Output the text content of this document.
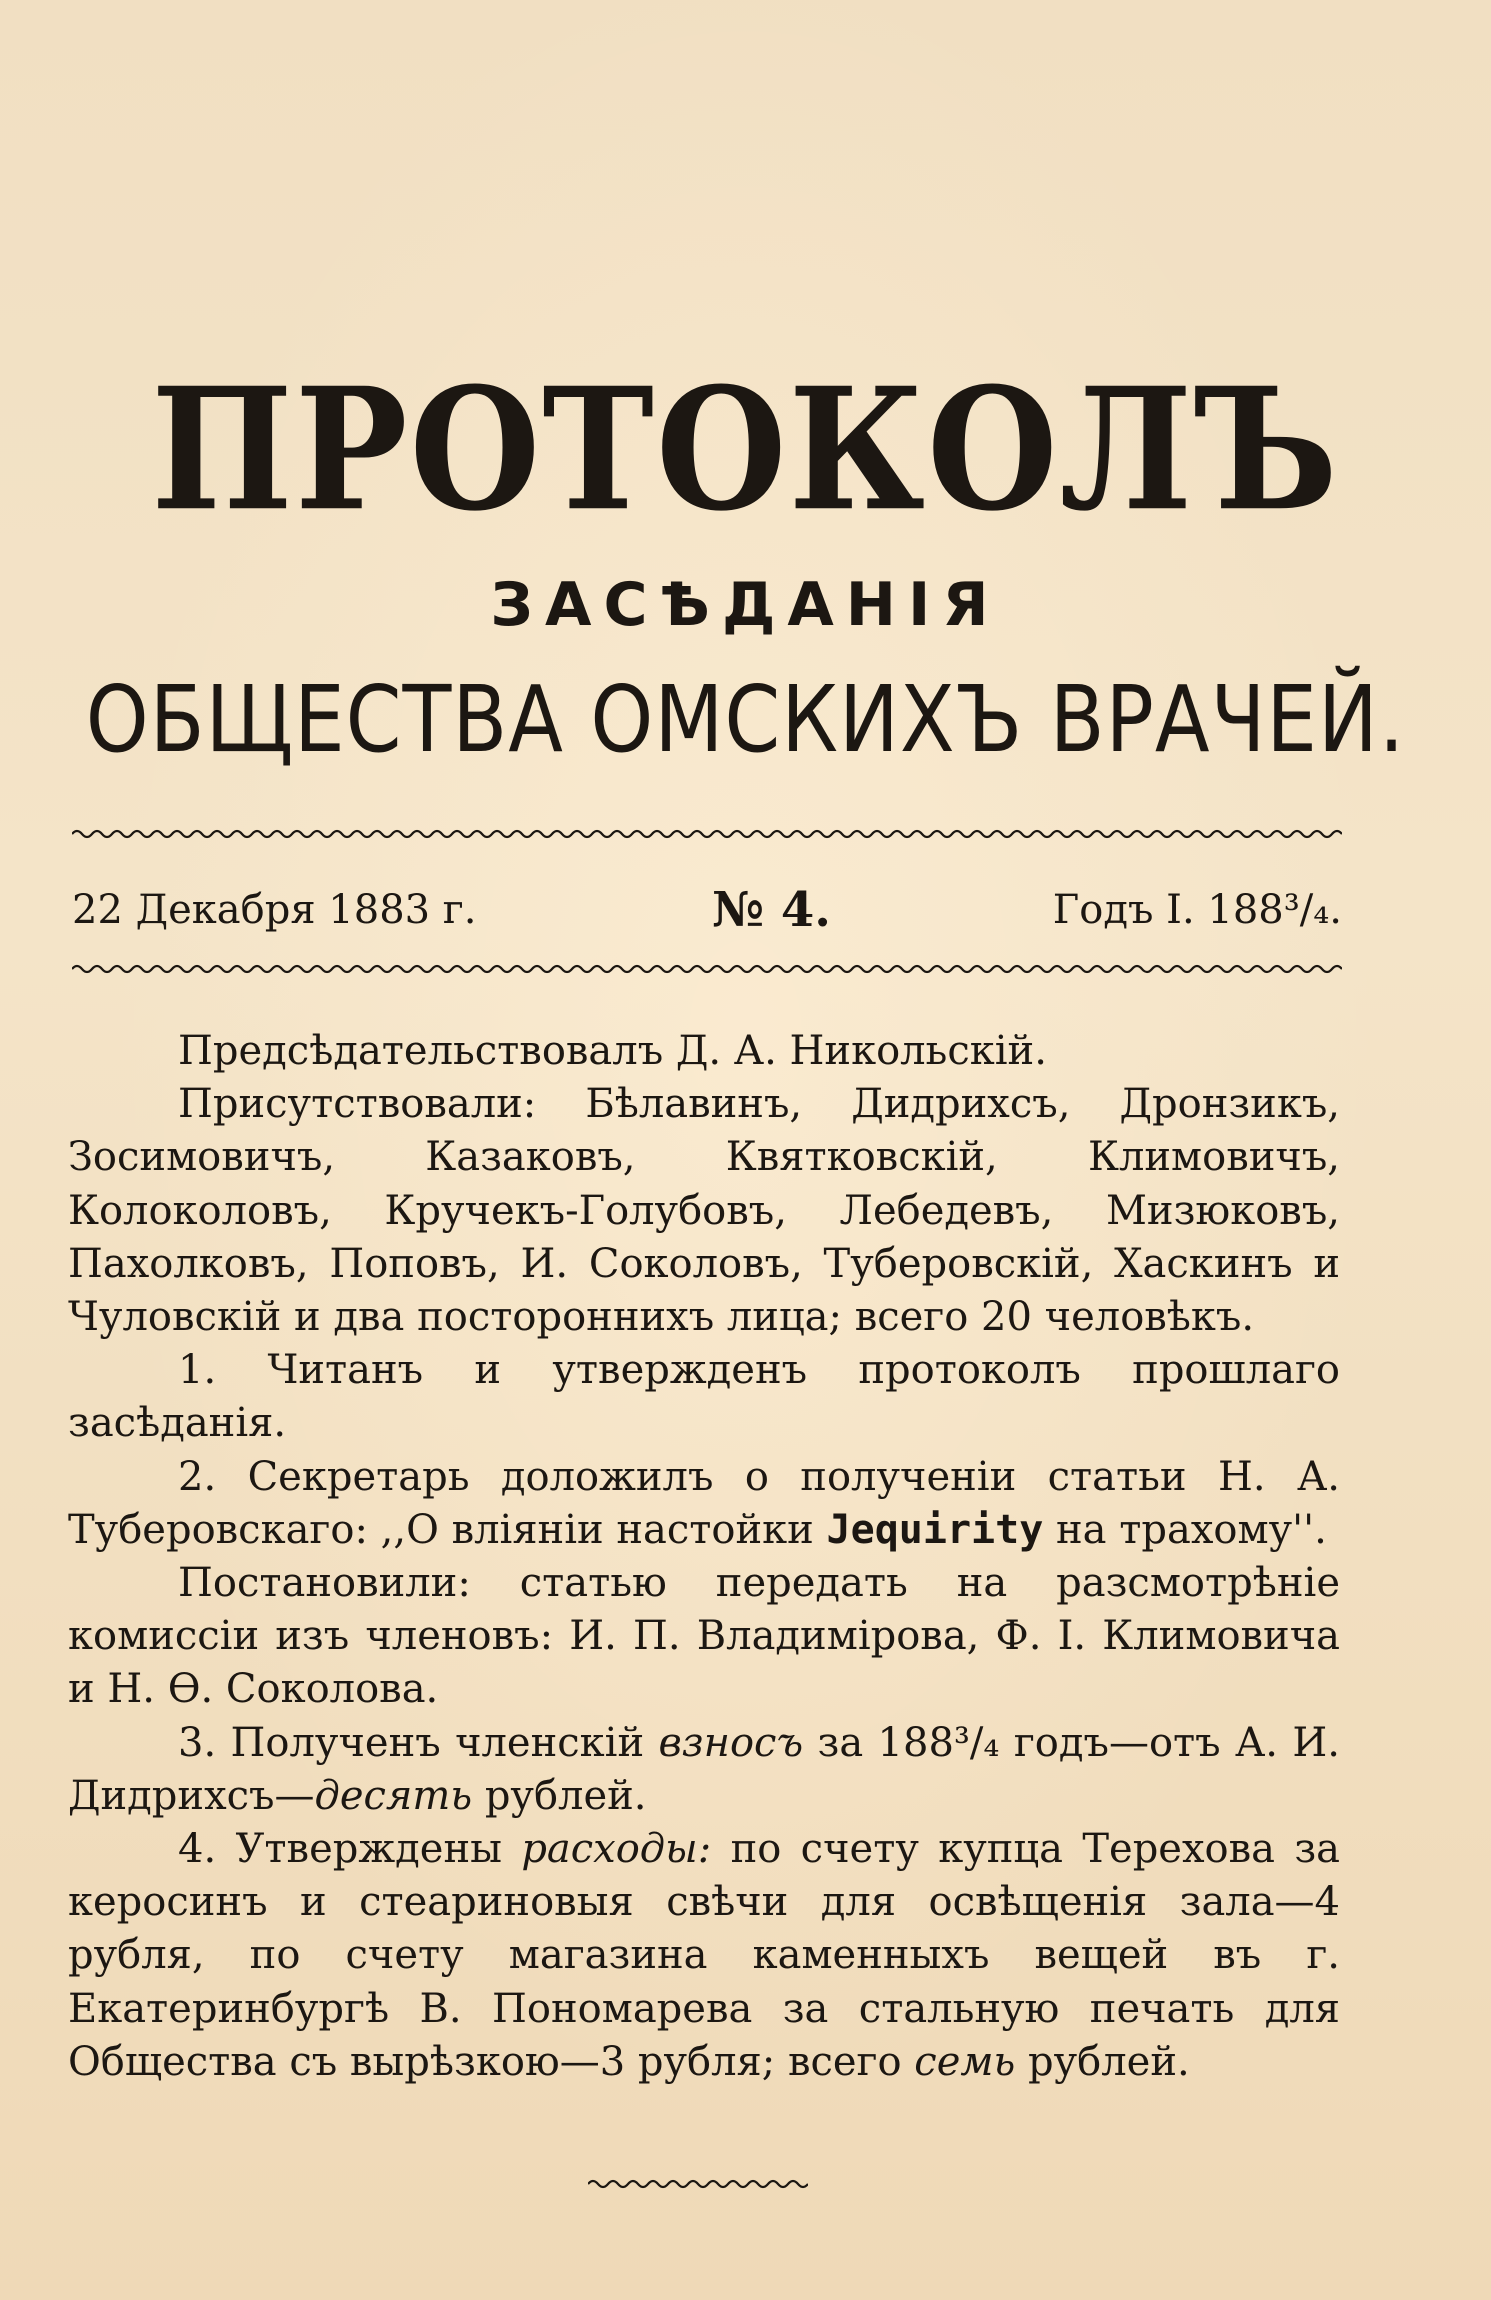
ПРОТОКОЛЪ
ЗАСѢДАНІЯ
ОБЩЕСТВА ОМСКИХЪ ВРАЧЕЙ.
22 Декабря 1883 г.	№ 4.	Годъ I. 188³/₄.

Предсѣдательствовалъ Д. А. Никольскій.

Присутствовали: Бѣлавинъ, Дидрихсъ, Дронзикъ, Зосимовичъ, Казаковъ, Квятковскій, Климовичъ, Колоколовъ, Кручекъ-Голубовъ, Лебедевъ, Мизюковъ, Пахолковъ, Поповъ, И. Соколовъ, Туберовскій, Хаскинъ и Чуловскій и два постороннихъ лица; всего 20 человѣкъ.

1. Читанъ и утвержденъ протоколъ прошлаго засѣданія.

2. Секретарь доложилъ о полученіи статьи Н. А. Туберовскаго: ,,О вліяніи настойки Jequirity на трахому''.

Постановили: статью передать на разсмотрѣніе комиссіи изъ членовъ: И. П. Владимірова, Ф. І. Климовича и Н. Ѳ. Соколова.

3. Полученъ членскій взносъ за 188³/₄ годъ—отъ А. И. Дидрихсъ—десять рублей.

4. Утверждены расходы: по счету купца Терехова за керосинъ и стеариновыя свѣчи для освѣщенія зала—4 рубля, по счету магазина каменныхъ вещей въ г. Екатеринбургѣ В. Пономарева за стальную печать для Общества съ вырѣзкою—3 рубля; всего семь рублей.
